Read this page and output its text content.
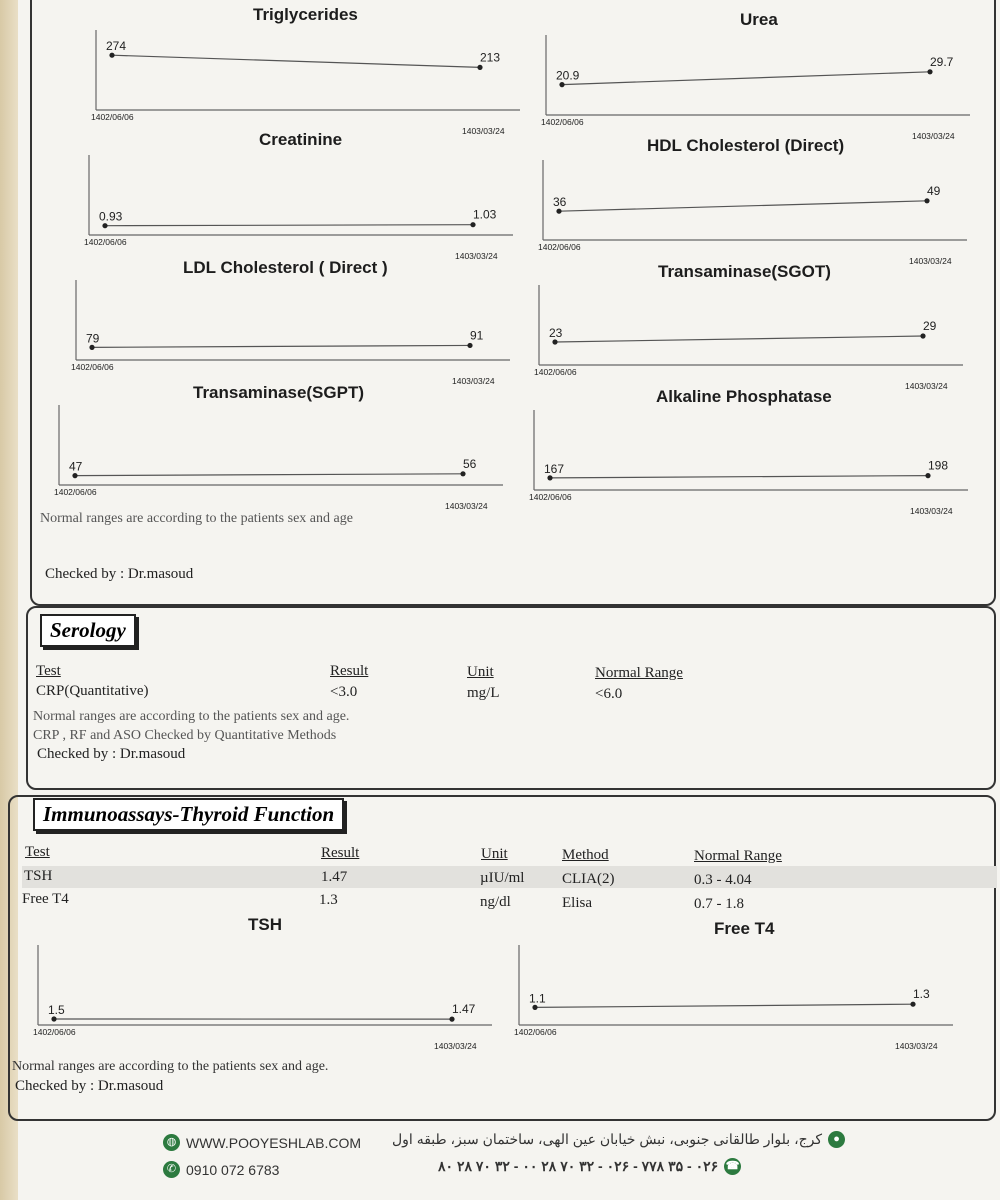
Triglycerides	Urea
Creatinine	HDL Cholesterol (Direct)
LDL Cholesterol ( Direct )	Transaminase(SGOT)
Transaminase(SGPT)	Alkaline Phosphatase
274
213
1402/06/06
1403/03/24
20.9
29.7
1402/06/06
1403/03/24
0.93	1.03
1402/06/06
1403/03/24
36
49
1402/06/06
1403/03/24
79	91
1402/06/06
1403/03/24
23	29
1402/06/06
1403/03/24
47	56
1402/06/06
1403/03/24
167	198
1402/06/06
1403/03/24
Normal ranges are according to the patients sex and age
Checked by : Dr.masoud
Serology
Test	Result	Unit	Normal Range
CRP(Quantitative)	<3.0	mg/L	<6.0
Normal ranges are according to the patients sex and age.
CRP , RF and ASO Checked by Quantitative Methods
Checked by : Dr.masoud
Immunoassays-Thyroid Function
Test	Result	Unit	Method	Normal Range
TSH	1.47	µIU/ml	CLIA(2)	0.3 - 4.04
Free T4	1.3	ng/dl	Elisa	0.7 - 1.8
TSH	Free T4
1.5	1.47
1402/06/06
1403/03/24
1.1	1.3
1402/06/06
1403/03/24
Normal ranges are according to the patients sex and age.
Checked by : Dr.masoud
◍ WWW.POOYESHLAB.COM
✆ 0910 072 6783
●
کرج، بلوار طالقانی جنوبی، نبش خیابان عین الهی، ساختمان سبز، طبقه اول
☎
۰۲۶ - ۳۵ ۷۷۸ - ۰۲۶ - ۳۲ ۷۰ ۲۸ ۰۰ - ۳۲ ۷۰ ۲۸ ۸۰
